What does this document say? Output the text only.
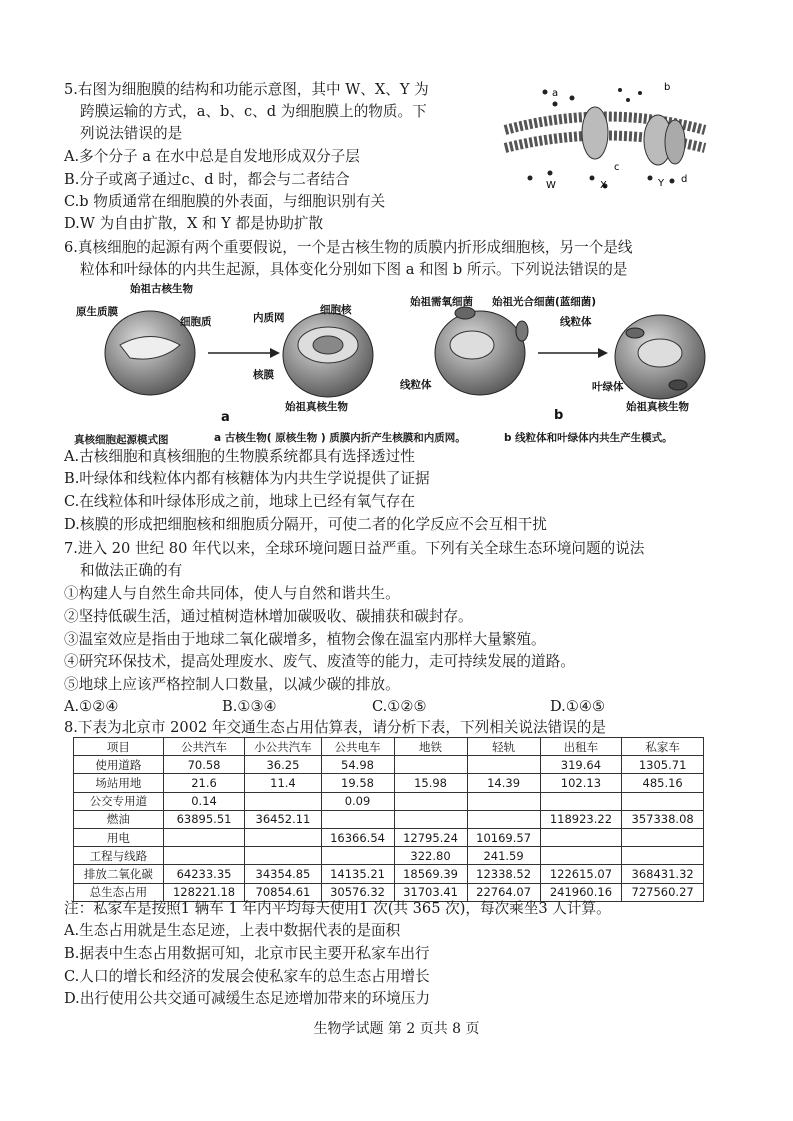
5.右图为细胞膜的结构和功能示意图，其中 W、X、Y 为
跨膜运输的方式，a、b、c、d 为细胞膜上的物质。下
列说法错误的是
A.多个分子 a 在水中总是自发地形成双分子层
B.分子或离子通过c、d 时，都会与二者结合
C.b 物质通常在细胞膜的外表面，与细胞识别有关
D.W 为自由扩散，X 和 Y 都是协助扩散
a
b
c
d
W	X	Y
6.真核细胞的起源有两个重要假说，一个是古核生物的质膜内折形成细胞核，另一个是线
粒体和叶绿体的内共生起源，具体变化分别如下图 a 和图 b 所示。下列说法错误的是
始祖古核生物
原生质膜
细胞质	内质网
细胞核
核膜
始祖真核生物
a
始祖需氧细菌 始祖光合细菌(蓝细菌)
线粒体
线粒体
叶绿体
始祖真核生物
b
真核细胞起源模式图	a 古核生物( 原核生物 ) 质膜内折产生核膜和内质网。	b 线粒体和叶绿体内共生产生模式。
A.古核细胞和真核细胞的生物膜系统都具有选择透过性
B.叶绿体和线粒体内都有核糖体为内共生学说提供了证据
C.在线粒体和叶绿体形成之前，地球上已经有氧气存在
D.核膜的形成把细胞核和细胞质分隔开，可使二者的化学反应不会互相干扰
7.进入 20 世纪 80 年代以来，全球环境问题日益严重。下列有关全球生态环境问题的说法
和做法正确的有
①构建人与自然生命共同体，使人与自然和谐共生。
②坚持低碳生活，通过植树造林增加碳吸收、碳捕获和碳封存。
③温室效应是指由于地球二氧化碳增多，植物会像在温室内那样大量繁殖。
④研究环保技术，提高处理废水、废气、废渣等的能力，走可持续发展的道路。
⑤地球上应该严格控制人口数量，以减少碳的排放。
A.①②④	B.①③④	C.①②⑤	D.①④⑤
8.下表为北京市 2002 年交通生态占用估算表，请分析下表，下列相关说法错误的是
项目	公共汽车	小公共汽车	公共电车	地铁	轻轨	出租车	私家车
使用道路	70.58	36.25	54.98			319.64	1305.71
场站用地	21.6	11.4	19.58	15.98	14.39	102.13	485.16
公交专用道	0.14		0.09				
燃油	63895.51	36452.11				118923.22	357338.08
用电			16366.54	12795.24	10169.57		
工程与线路				322.80	241.59		
排放二氧化碳	64233.35	34354.85	14135.21	18569.39	12338.52	122615.07	368431.32
总生态占用	128221.18	70854.61	30576.32	31703.41	22764.07	241960.16	727560.27
注：私家车是按照1 辆车 1 年内平均每天使用1 次(共 365 次)，每次乘坐3 人计算。
A.生态占用就是生态足迹，上表中数据代表的是面积
B.据表中生态占用数据可知，北京市民主要开私家车出行
C.人口的增长和经济的发展会使私家车的总生态占用增长
D.出行使用公共交通可减缓生态足迹增加带来的环境压力
生物学试题 第 2 页共 8 页
